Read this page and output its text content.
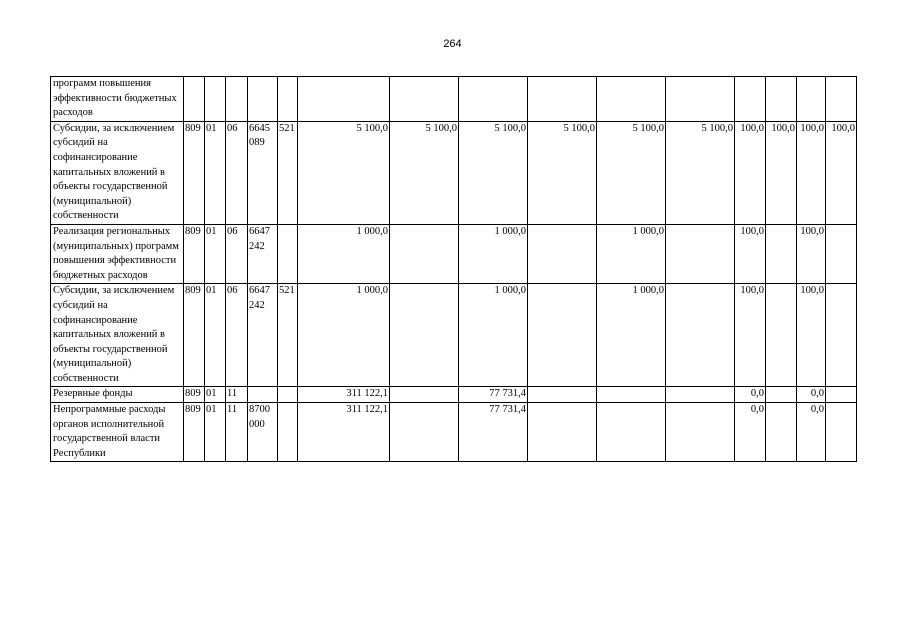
264
программ повышения эффективности бюджетных расходов															
Субсидии, за исключением субсидий на софинансирование капитальных вложений в объекты государственной (муниципальной) собственности	809	01	06	6645 089	521	5 100,0	5 100,0	5 100,0	5 100,0	5 100,0	5 100,0	100,0	100,0	100,0	100,0
Реализация региональных (муниципальных) программ повышения эффективности бюджетных расходов	809	01	06	6647 242		1 000,0		1 000,0		1 000,0		100,0		100,0	
Субсидии, за исключением субсидий на софинансирование капитальных вложений в объекты государственной (муниципальной) собственности	809	01	06	6647 242	521	1 000,0		1 000,0		1 000,0		100,0		100,0	
Резервные фонды	809	01	11			311 122,1		77 731,4				0,0		0,0	
Непрограммные расходы органов исполнительной государственной власти Республики	809	01	11	8700 000		311 122,1		77 731,4				0,0		0,0	
